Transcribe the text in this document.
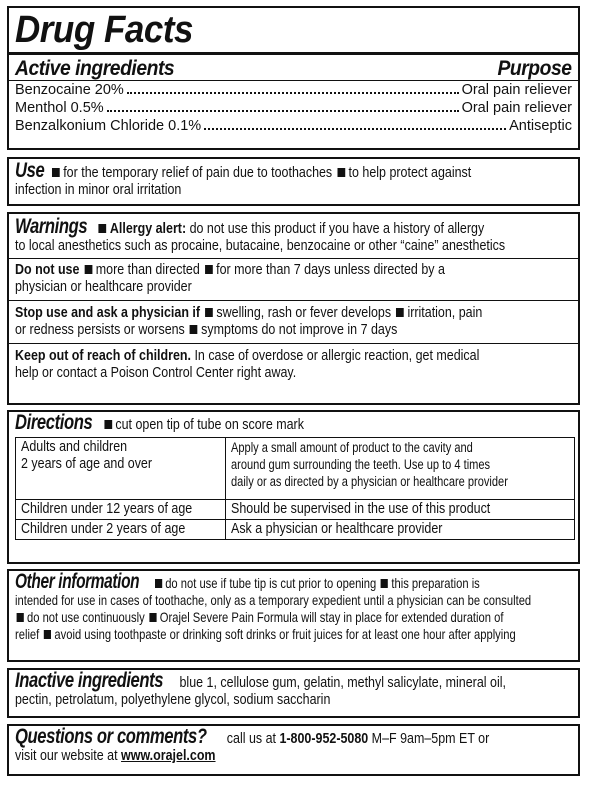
Drug Facts
Active ingredients	Purpose
Benzocaine 20%	Oral pain reliever
Menthol 0.5%	Oral pain reliever
Benzalkonium Chloride 0.1%	Antiseptic
Use for the temporary relief of pain due to toothaches to help protect against
infection in minor oral irritation
Warnings Allergy alert: do not use this product if you have a history of allergy
to local anesthetics such as procaine, butacaine, benzocaine or other “caine” anesthetics
Do not use more than directed for more than 7 days unless directed by a
physician or healthcare provider
Stop use and ask a physician if swelling, rash or fever develops irritation, pain
or redness persists or worsens symptoms do not improve in 7 days
Keep out of reach of children. In case of overdose or allergic reaction, get medical
help or contact a Poison Control Center right away.
Directions cut open tip of tube on score mark
Adults and children
2 years of age and over	Apply a small amount of product to the cavity and
around gum surrounding the teeth. Use up to 4 times
daily or as directed by a physician or healthcare provider

Children under 12 years of age	Should be supervised in the use of this product
Children under 2 years of age	Ask a physician or healthcare provider
Other information do not use if tube tip is cut prior to opening this preparation is
intended for use in cases of toothache, only as a temporary expedient until a physician can be consulted
do not use continuously Orajel Severe Pain Formula will stay in place for extended duration of
relief avoid using toothpaste or drinking soft drinks or fruit juices for at least one hour after applying
Inactive ingredients blue 1, cellulose gum, gelatin, methyl salicylate, mineral oil,
pectin, petrolatum, polyethylene glycol, sodium saccharin
Questions or comments? call us at 1-800-952-5080 M–F 9am–5pm ET or
visit our website at www.orajel.com
